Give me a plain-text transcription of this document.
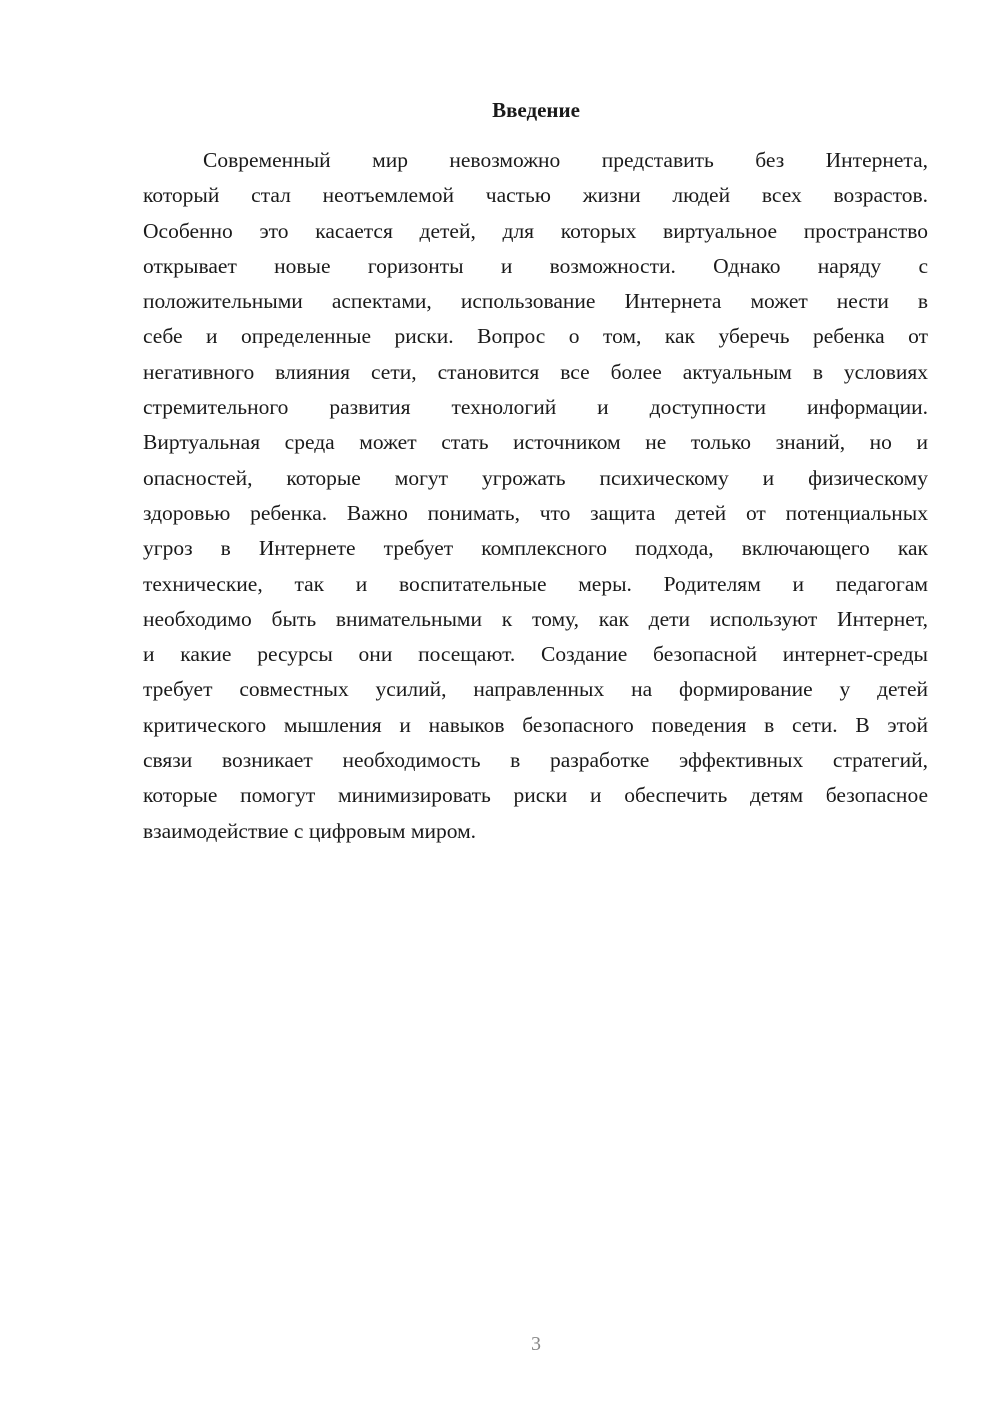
Введение
Современный мир невозможно представить без Интернета,
который стал неотъемлемой частью жизни людей всех возрастов.
Особенно это касается детей, для которых виртуальное пространство
открывает новые горизонты и возможности. Однако наряду с
положительными аспектами, использование Интернета может нести в
себе и определенные риски. Вопрос о том, как уберечь ребенка от
негативного влияния сети, становится все более актуальным в условиях
стремительного развития технологий и доступности информации.
Виртуальная среда может стать источником не только знаний, но и
опасностей, которые могут угрожать психическому и физическому
здоровью ребенка. Важно понимать, что защита детей от потенциальных
угроз в Интернете требует комплексного подхода, включающего как
технические, так и воспитательные меры. Родителям и педагогам
необходимо быть внимательными к тому, как дети используют Интернет,
и какие ресурсы они посещают. Создание безопасной интернет-среды
требует совместных усилий, направленных на формирование у детей
критического мышления и навыков безопасного поведения в сети. В этой
связи возникает необходимость в разработке эффективных стратегий,
которые помогут минимизировать риски и обеспечить детям безопасное
взаимодействие с цифровым миром.
3
